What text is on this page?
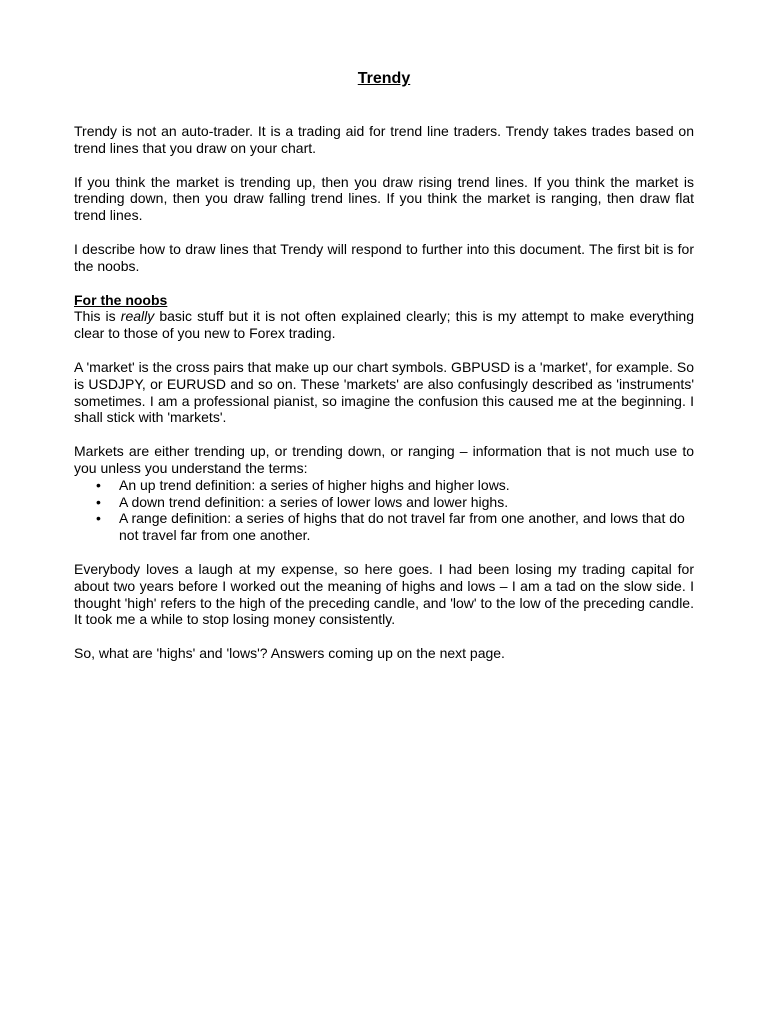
Trendy

Trendy is not an auto-trader. It is a trading aid for trend line traders. Trendy takes trades based on trend lines that you draw on your chart.

If you think the market is trending up, then you draw rising trend lines. If you think the market is trending down, then you draw falling trend lines. If you think the market is ranging, then draw flat trend lines.

I describe how to draw lines that Trendy will respond to further into this document. The first bit is for the noobs.

For the noobs
This is really basic stuff but it is not often explained clearly; this is my attempt to make everything clear to those of you new to Forex trading.

A 'market' is the cross pairs that make up our chart symbols. GBPUSD is a 'market', for example. So is USDJPY, or EURUSD and so on. These 'markets' are also confusingly described as 'instruments' sometimes. I am a professional pianist, so imagine the confusion this caused me at the beginning. I shall stick with 'markets'.

Markets are either trending up, or trending down, or ranging – information that is not much use to you unless you understand the terms:

• An up trend definition: a series of higher highs and higher lows.
• A down trend definition: a series of lower lows and lower highs.
• A range definition: a series of highs that do not travel far from one another, and lows that do not travel far from one another.

Everybody loves a laugh at my expense, so here goes. I had been losing my trading capital for about two years before I worked out the meaning of highs and lows – I am a tad on the slow side. I thought 'high' refers to the high of the preceding candle, and 'low' to the low of the preceding candle. It took me a while to stop losing money consistently.

So, what are 'highs' and 'lows'? Answers coming up on the next page.
